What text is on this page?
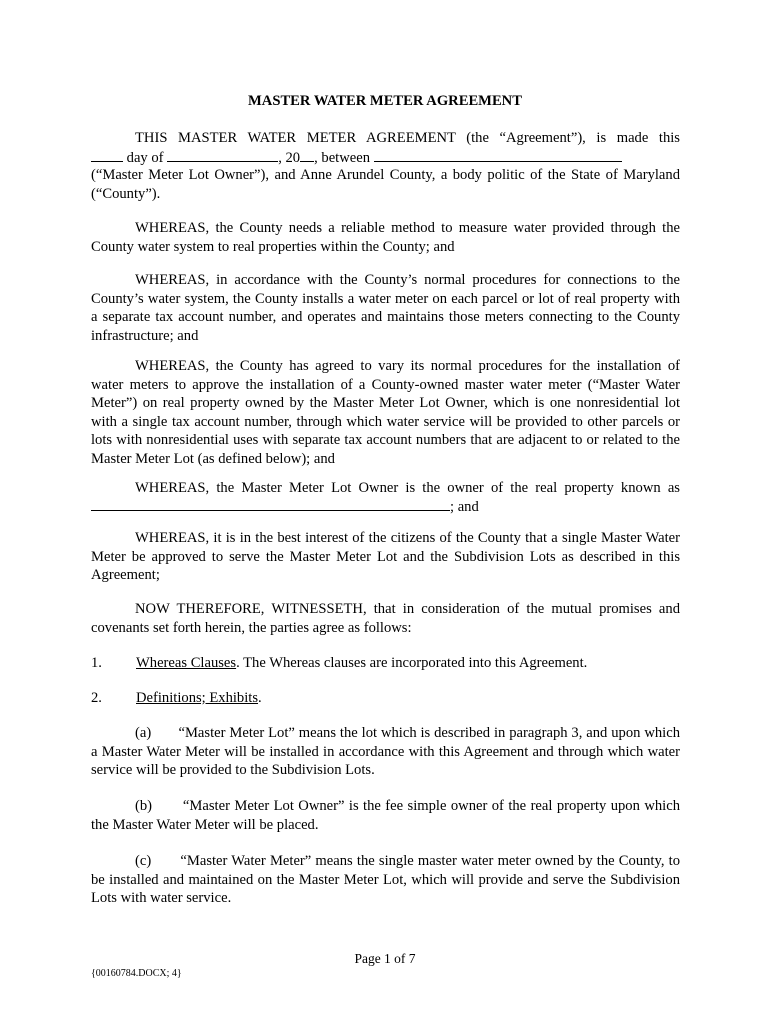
MASTER WATER METER AGREEMENT
THIS MASTER WATER METER AGREEMENT (the “Agreement”), is made this
day of	, 20 , between
(“Master Meter Lot Owner”), and Anne Arundel County, a body politic of the State of Maryland (“County”).
WHEREAS, the County needs a reliable method to measure water provided through the County water system to real properties within the County; and
WHEREAS, in accordance with the County’s normal procedures for connections to the County’s water system, the County installs a water meter on each parcel or lot of real property with a separate tax account number, and operates and maintains those meters connecting to the County infrastructure; and
WHEREAS, the County has agreed to vary its normal procedures for the installation of water meters to approve the installation of a County-owned master water meter (“Master Water Meter”) on real property owned by the Master Meter Lot Owner, which is one nonresidential lot with a single tax account number, through which water service will be provided to other parcels or lots with nonresidential uses with separate tax account numbers that are adjacent to or related to the Master Meter Lot (as defined below); and
WHEREAS, the Master Meter Lot Owner is the owner of the real property known as
; and
WHEREAS, it is in the best interest of the citizens of the County that a single Master Water Meter be approved to serve the Master Meter Lot and the Subdivision Lots as described in this Agreement;
NOW THEREFORE, WITNESSETH, that in consideration of the mutual promises and covenants set forth herein, the parties agree as follows:
1. Whereas Clauses. The Whereas clauses are incorporated into this Agreement.
2. Definitions; Exhibits.
(a)       “Master Meter Lot” means the lot which is described in paragraph 3, and upon which a Master Water Meter will be installed in accordance with this Agreement and through which water service will be provided to the Subdivision Lots.
(b)       “Master Meter Lot Owner” is the fee simple owner of the real property upon which the Master Water Meter will be placed.
(c)       “Master Water Meter” means the single master water meter owned by the County, to be installed and maintained on the Master Meter Lot, which will provide and serve the Subdivision Lots with water service.
Page 1 of 7
{00160784.DOCX; 4}
